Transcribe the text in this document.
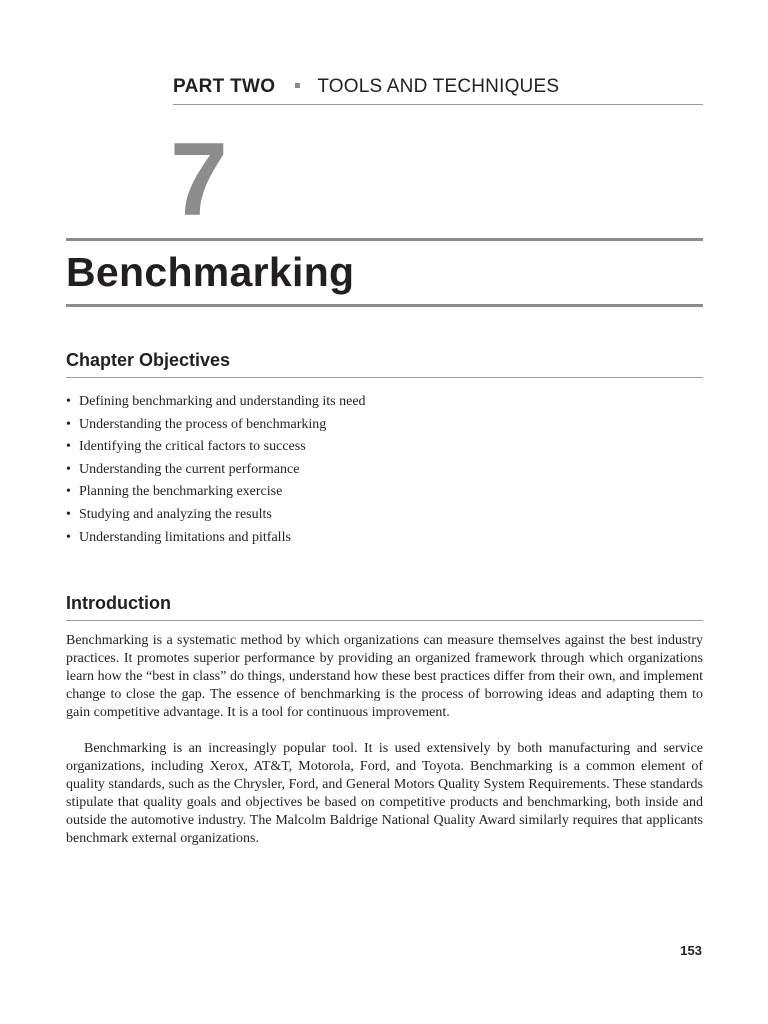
PART TWO TOOLS AND TECHNIQUES
7
Benchmarking
Chapter Objectives
• Defining benchmarking and understanding its need
• Understanding the process of benchmarking
• Identifying the critical factors to success
• Understanding the current performance
• Planning the benchmarking exercise
• Studying and analyzing the results
• Understanding limitations and pitfalls
Introduction

Benchmarking is a systematic method by which organizations can measure themselves against the best industry practices. It promotes superior performance by providing an organized framework through which organizations learn how the “best in class” do things, understand how these best practices differ from their own, and implement change to close the gap. The essence of benchmarking is the process of borrowing ideas and adapting them to gain competitive advantage. It is a tool for continuous improvement.

Benchmarking is an increasingly popular tool. It is used extensively by both manufacturing and service organizations, including Xerox, AT&T, Motorola, Ford, and Toyota. Benchmarking is a common element of quality standards, such as the Chrysler, Ford, and General Motors Quality System Requirements. These standards stipulate that quality goals and objectives be based on competitive products and benchmarking, both inside and outside the automotive industry. The Malcolm Baldrige National Quality Award similarly requires that applicants benchmark external organizations.

153
